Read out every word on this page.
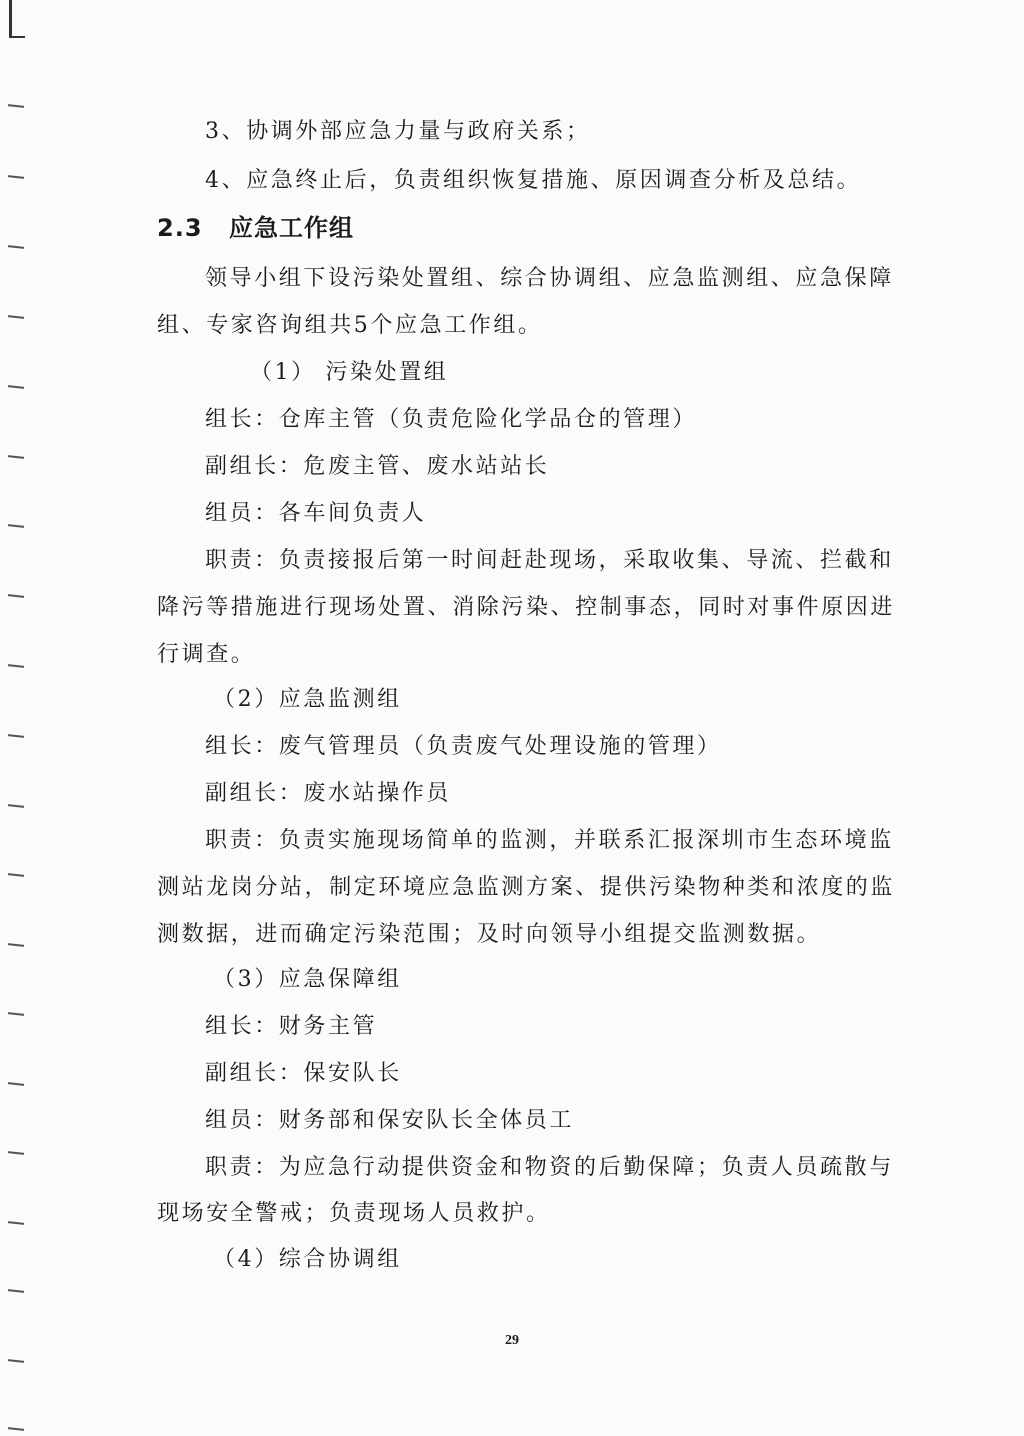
3、协调外部应急力量与政府关系；
4、应急终止后，负责组织恢复措施、原因调查分析及总结。
2.3 应急工作组
领导小组下设污染处置组、综合协调组、应急监测组、应急保障
组、专家咨询组共5个应急工作组。
（1） 污染处置组
组长：仓库主管（负责危险化学品仓的管理）
副组长：危废主管、废水站站长
组员：各车间负责人
职责：负责接报后第一时间赶赴现场，采取收集、导流、拦截和
降污等措施进行现场处置、消除污染、控制事态，同时对事件原因进
行调查。
（2）应急监测组
组长：废气管理员（负责废气处理设施的管理）
副组长：废水站操作员
职责：负责实施现场简单的监测，并联系汇报深圳市生态环境监
测站龙岗分站，制定环境应急监测方案、提供污染物种类和浓度的监
测数据，进而确定污染范围；及时向领导小组提交监测数据。
（3）应急保障组
组长：财务主管
副组长：保安队长
组员：财务部和保安队长全体员工
职责：为应急行动提供资金和物资的后勤保障；负责人员疏散与
现场安全警戒；负责现场人员救护。
（4）综合协调组
29
